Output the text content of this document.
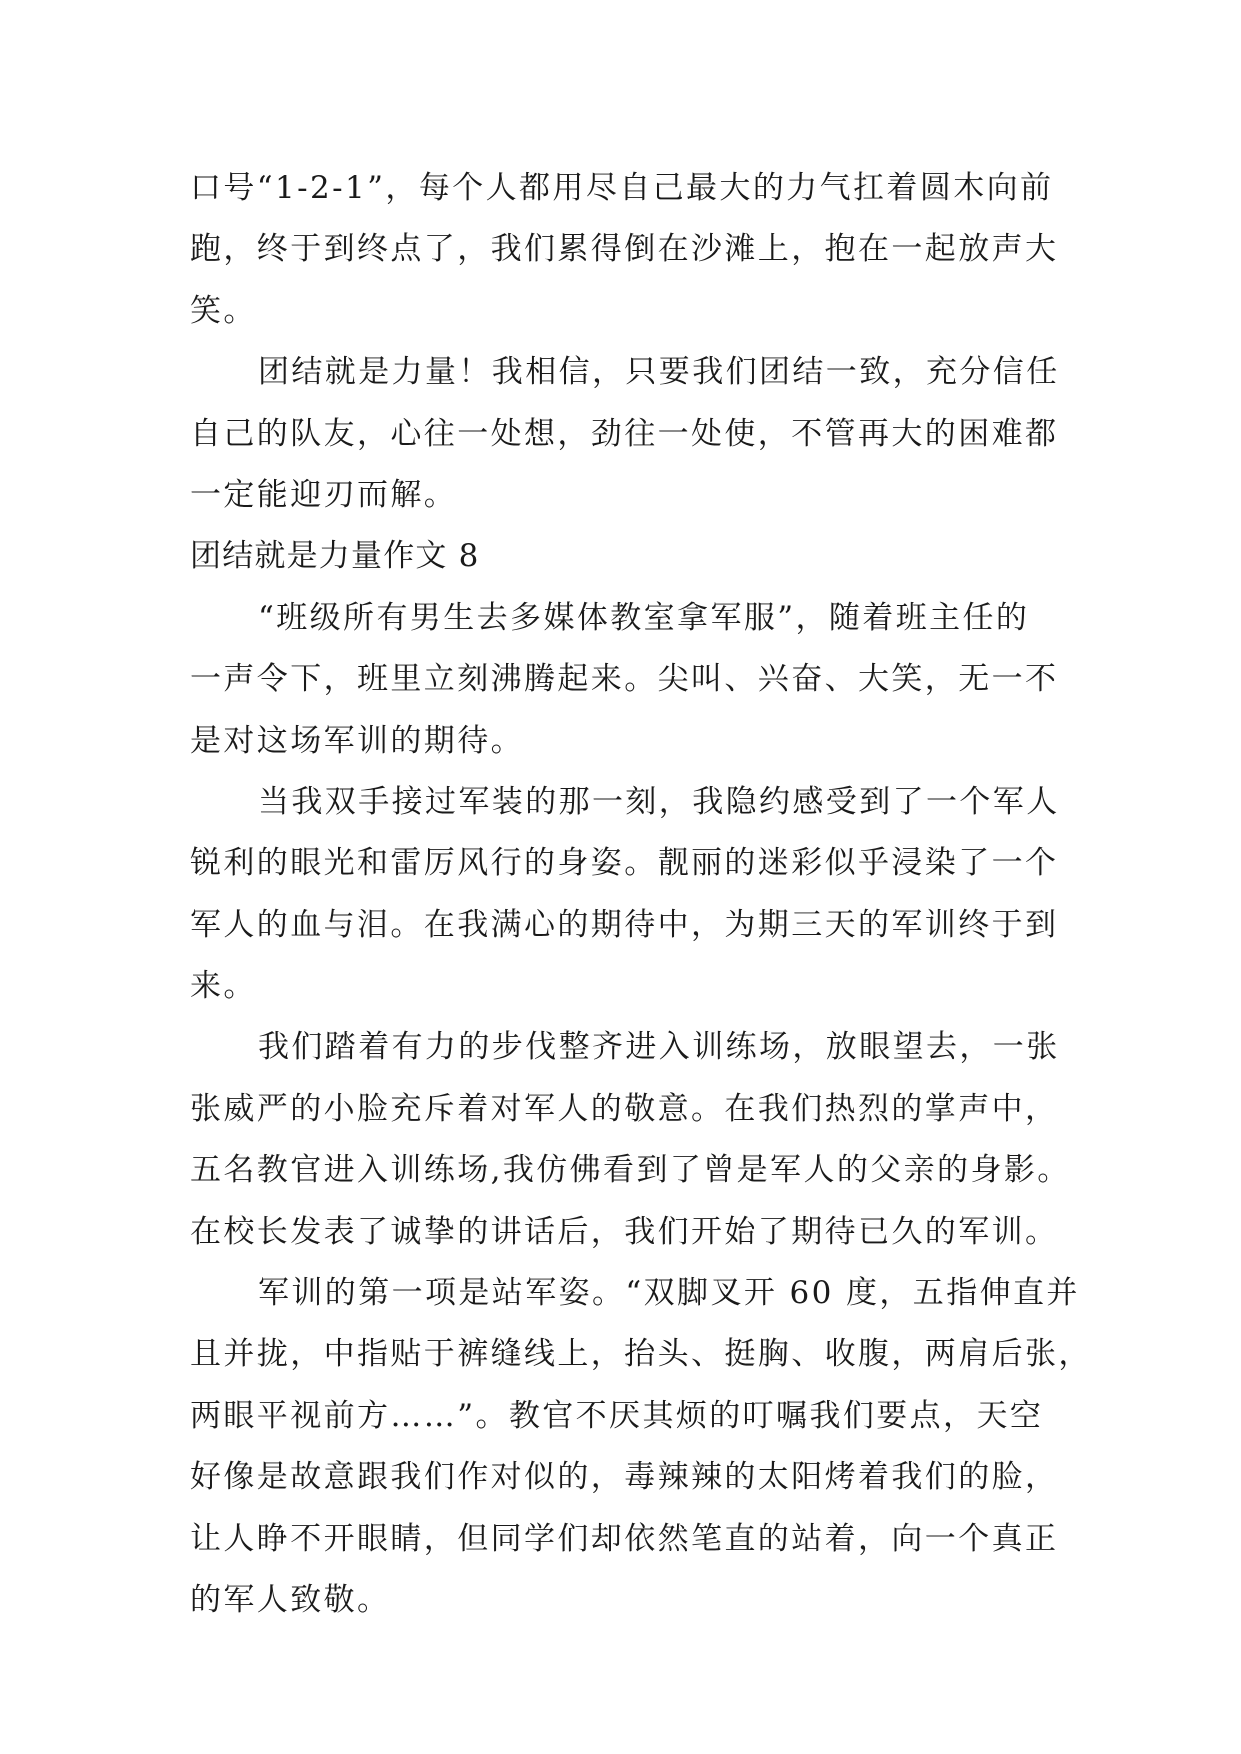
口号“1-2-1”，每个人都用尽自己最大的力气扛着圆木向前
跑，终于到终点了，我们累得倒在沙滩上，抱在一起放声大
笑。
团结就是力量！我相信，只要我们团结一致，充分信任
自己的队友，心往一处想，劲往一处使，不管再大的困难都
一定能迎刃而解。
团结就是力量作文 8
“班级所有男生去多媒体教室拿军服”，随着班主任的
一声令下，班里立刻沸腾起来。尖叫、兴奋、大笑，无一不
是对这场军训的期待。
当我双手接过军装的那一刻，我隐约感受到了一个军人
锐利的眼光和雷厉风行的身姿。靓丽的迷彩似乎浸染了一个
军人的血与泪。在我满心的期待中，为期三天的军训终于到
来。
我们踏着有力的步伐整齐进入训练场，放眼望去，一张
张威严的小脸充斥着对军人的敬意。在我们热烈的掌声中，
五名教官进入训练场,我仿佛看到了曾是军人的父亲的身影。
在校长发表了诚挚的讲话后，我们开始了期待已久的军训。
军训的第一项是站军姿。“双脚叉开 60 度，五指伸直并
且并拢，中指贴于裤缝线上，抬头、挺胸、收腹，两肩后张，
两眼平视前方……”。教官不厌其烦的叮嘱我们要点，天空
好像是故意跟我们作对似的，毒辣辣的太阳烤着我们的脸，
让人睁不开眼睛，但同学们却依然笔直的站着，向一个真正
的军人致敬。
